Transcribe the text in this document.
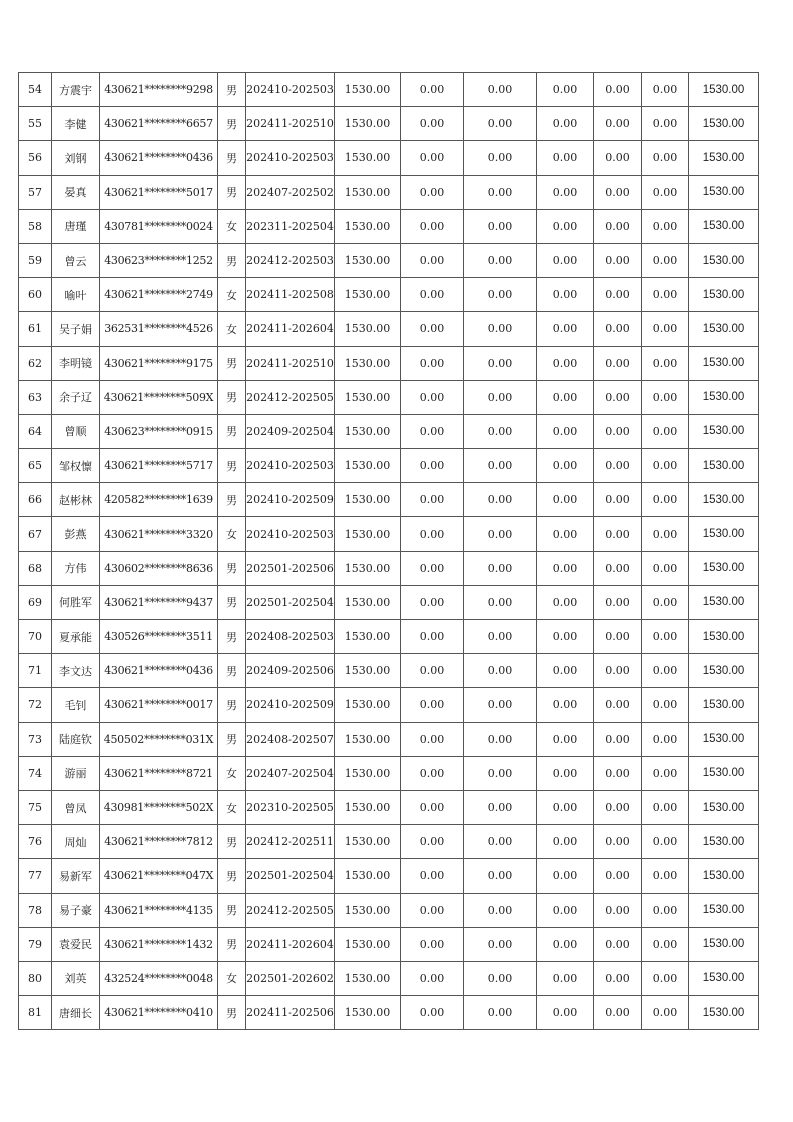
54	方震宇	430621********9298	男	202410-202503	1530.00	0.00	0.00	0.00	0.00	0.00	1530.00
55	李健	430621********6657	男	202411-202510	1530.00	0.00	0.00	0.00	0.00	0.00	1530.00
56	刘钢	430621********0436	男	202410-202503	1530.00	0.00	0.00	0.00	0.00	0.00	1530.00
57	晏真	430621********5017	男	202407-202502	1530.00	0.00	0.00	0.00	0.00	0.00	1530.00
58	唐瑾	430781********0024	女	202311-202504	1530.00	0.00	0.00	0.00	0.00	0.00	1530.00
59	曾云	430623********1252	男	202412-202503	1530.00	0.00	0.00	0.00	0.00	0.00	1530.00
60	喻叶	430621********2749	女	202411-202508	1530.00	0.00	0.00	0.00	0.00	0.00	1530.00
61	吴子娟	362531********4526	女	202411-202604	1530.00	0.00	0.00	0.00	0.00	0.00	1530.00
62	李明镜	430621********9175	男	202411-202510	1530.00	0.00	0.00	0.00	0.00	0.00	1530.00
63	余子辽	430621********509X	男	202412-202505	1530.00	0.00	0.00	0.00	0.00	0.00	1530.00
64	曾顺	430623********0915	男	202409-202504	1530.00	0.00	0.00	0.00	0.00	0.00	1530.00
65	邹权懔	430621********5717	男	202410-202503	1530.00	0.00	0.00	0.00	0.00	0.00	1530.00
66	赵彬林	420582********1639	男	202410-202509	1530.00	0.00	0.00	0.00	0.00	0.00	1530.00
67	彭燕	430621********3320	女	202410-202503	1530.00	0.00	0.00	0.00	0.00	0.00	1530.00
68	方伟	430602********8636	男	202501-202506	1530.00	0.00	0.00	0.00	0.00	0.00	1530.00
69	何胜军	430621********9437	男	202501-202504	1530.00	0.00	0.00	0.00	0.00	0.00	1530.00
70	夏承能	430526********3511	男	202408-202503	1530.00	0.00	0.00	0.00	0.00	0.00	1530.00
71	李文达	430621********0436	男	202409-202506	1530.00	0.00	0.00	0.00	0.00	0.00	1530.00
72	毛钊	430621********0017	男	202410-202509	1530.00	0.00	0.00	0.00	0.00	0.00	1530.00
73	陆庭钦	450502********031X	男	202408-202507	1530.00	0.00	0.00	0.00	0.00	0.00	1530.00
74	游丽	430621********8721	女	202407-202504	1530.00	0.00	0.00	0.00	0.00	0.00	1530.00
75	曾凤	430981********502X	女	202310-202505	1530.00	0.00	0.00	0.00	0.00	0.00	1530.00
76	周灿	430621********7812	男	202412-202511	1530.00	0.00	0.00	0.00	0.00	0.00	1530.00
77	易新军	430621********047X	男	202501-202504	1530.00	0.00	0.00	0.00	0.00	0.00	1530.00
78	易子豪	430621********4135	男	202412-202505	1530.00	0.00	0.00	0.00	0.00	0.00	1530.00
79	袁爱民	430621********1432	男	202411-202604	1530.00	0.00	0.00	0.00	0.00	0.00	1530.00
80	刘英	432524********0048	女	202501-202602	1530.00	0.00	0.00	0.00	0.00	0.00	1530.00
81	唐细长	430621********0410	男	202411-202506	1530.00	0.00	0.00	0.00	0.00	0.00	1530.00
